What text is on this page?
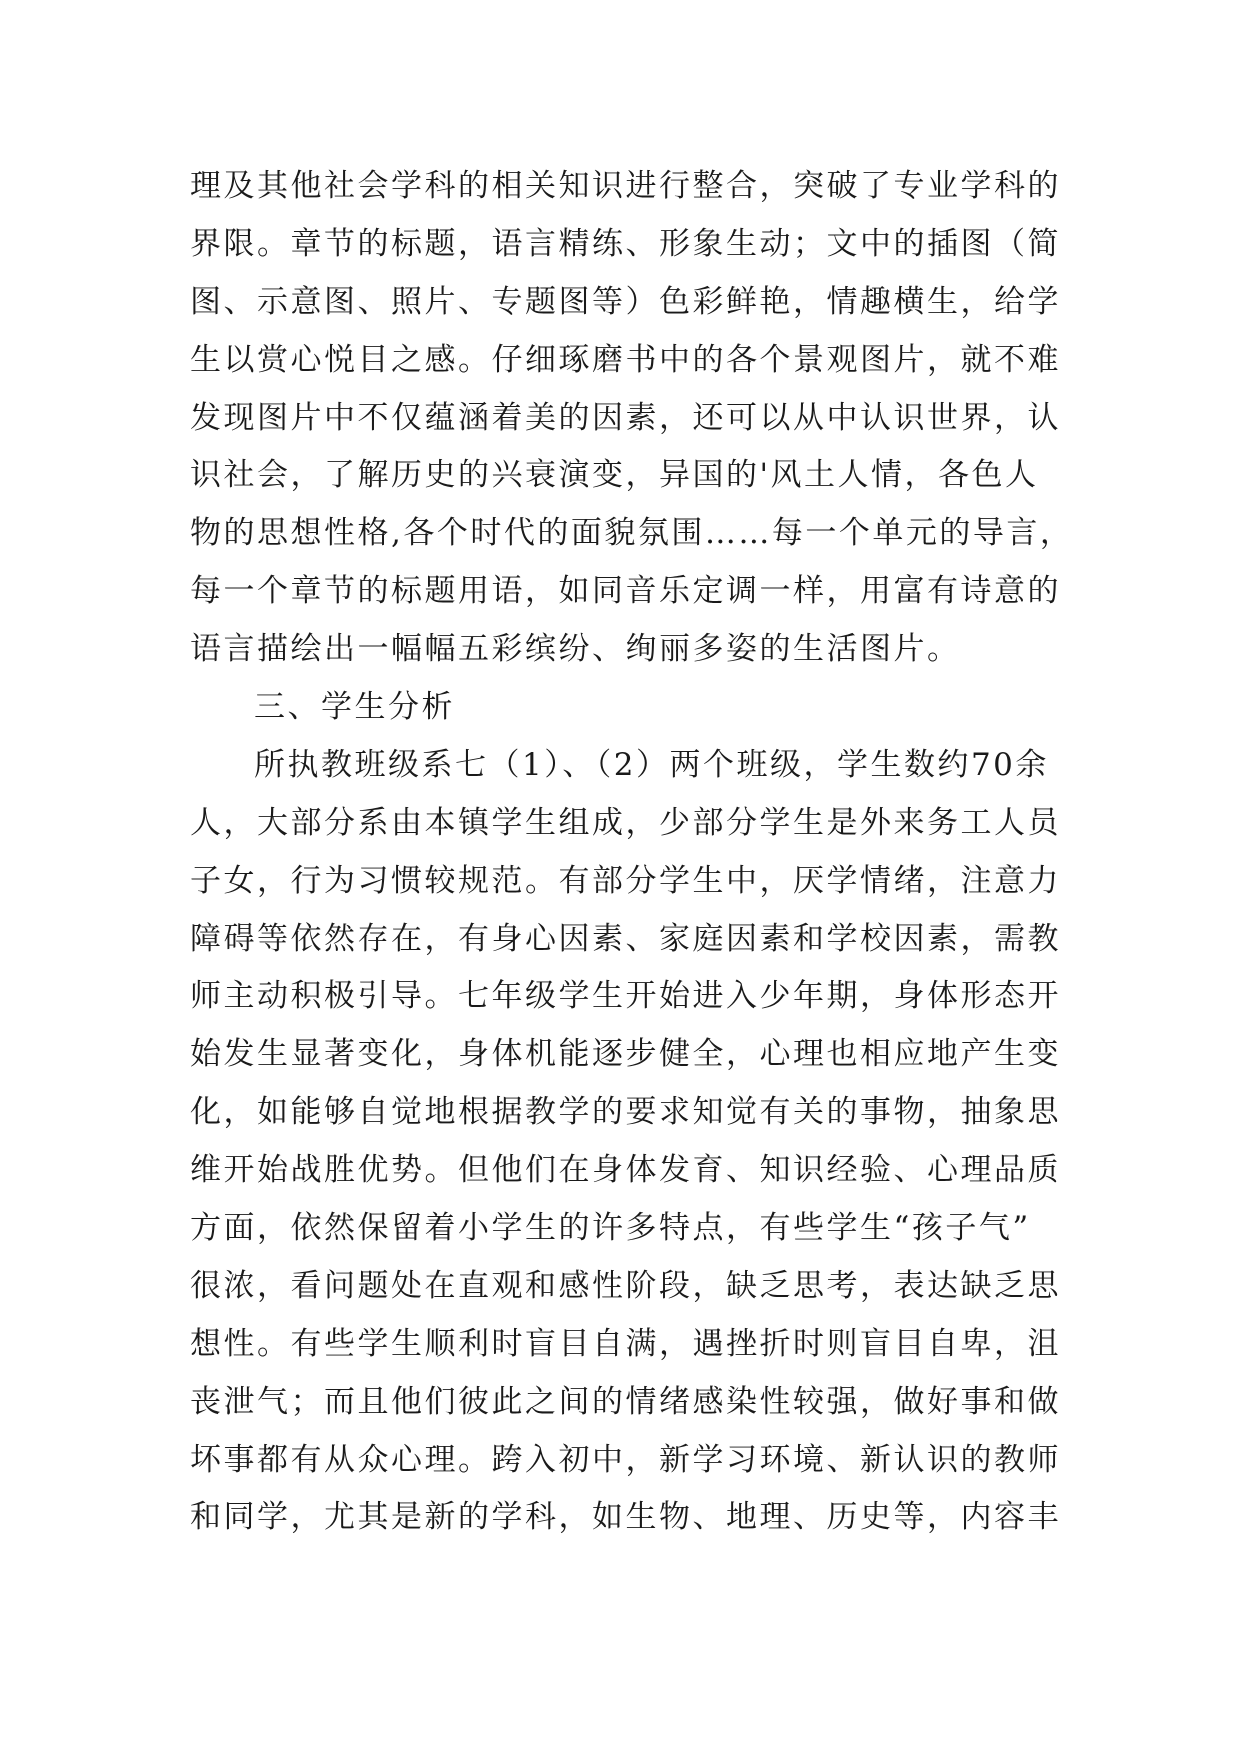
理及其他社会学科的相关知识进行整合，突破了专业学科的
界限。章节的标题，语言精练、形象生动；文中的插图（简
图、示意图、照片、专题图等）色彩鲜艳，情趣横生，给学
生以赏心悦目之感。仔细琢磨书中的各个景观图片，就不难
发现图片中不仅蕴涵着美的因素，还可以从中认识世界，认
识社会，了解历史的兴衰演变，异国的'风土人情，各色人
物的思想性格,各个时代的面貌氛围……每一个单元的导言，
每一个章节的标题用语，如同音乐定调一样，用富有诗意的
语言描绘出一幅幅五彩缤纷、绚丽多姿的生活图片。
三、学生分析
所执教班级系七（1）、（2）两个班级，学生数约70余
人，大部分系由本镇学生组成，少部分学生是外来务工人员
子女，行为习惯较规范。有部分学生中，厌学情绪，注意力
障碍等依然存在，有身心因素、家庭因素和学校因素，需教
师主动积极引导。七年级学生开始进入少年期，身体形态开
始发生显著变化，身体机能逐步健全，心理也相应地产生变
化，如能够自觉地根据教学的要求知觉有关的事物，抽象思
维开始战胜优势。但他们在身体发育、知识经验、心理品质
方面，依然保留着小学生的许多特点，有些学生“孩子气”
很浓，看问题处在直观和感性阶段，缺乏思考，表达缺乏思
想性。有些学生顺利时盲目自满，遇挫折时则盲目自卑，沮
丧泄气；而且他们彼此之间的情绪感染性较强，做好事和做
坏事都有从众心理。跨入初中，新学习环境、新认识的教师
和同学，尤其是新的学科，如生物、地理、历史等，内容丰
